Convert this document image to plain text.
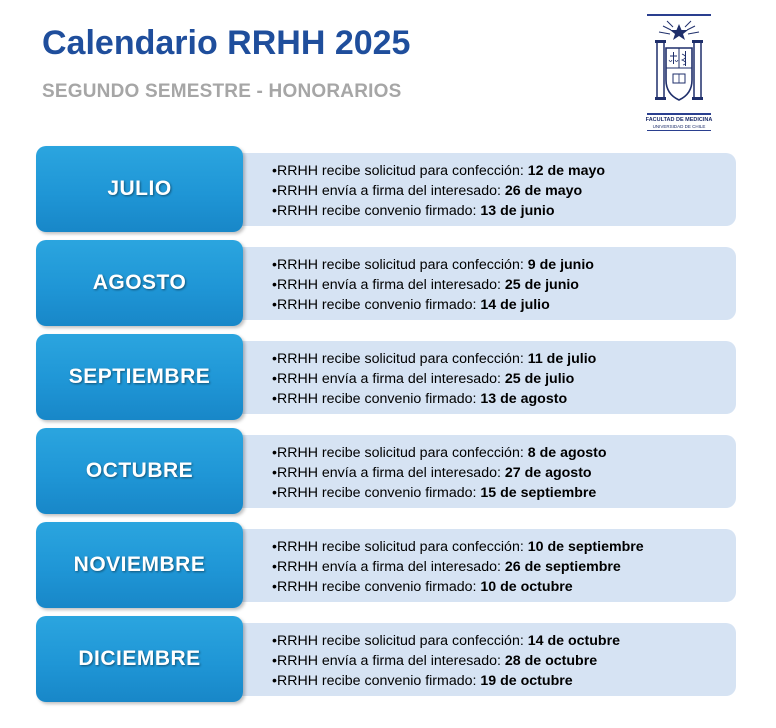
Calendario RRHH 2025
SEGUNDO SEMESTRE - HONORARIOS
FACULTAD DE MEDICINA
UNIVERSIDAD DE CHILE
JULIO
•RRHH recibe solicitud para confección: 12 de mayo
•RRHH envía a firma del interesado: 26 de mayo
•RRHH recibe convenio firmado: 13 de junio
AGOSTO
•RRHH recibe solicitud para confección: 9 de junio
•RRHH envía a firma del interesado: 25 de junio
•RRHH recibe convenio firmado: 14 de julio
SEPTIEMBRE
•RRHH recibe solicitud para confección: 11 de julio
•RRHH envía a firma del interesado: 25 de julio
•RRHH recibe convenio firmado: 13 de agosto
OCTUBRE
•RRHH recibe solicitud para confección: 8 de agosto
•RRHH envía a firma del interesado: 27 de agosto
•RRHH recibe convenio firmado: 15 de septiembre
NOVIEMBRE
•RRHH recibe solicitud para confección: 10 de septiembre
•RRHH envía a firma del interesado: 26 de septiembre
•RRHH recibe convenio firmado: 10 de octubre
DICIEMBRE
•RRHH recibe solicitud para confección: 14 de octubre
•RRHH envía a firma del interesado: 28 de octubre
•RRHH recibe convenio firmado: 19 de octubre
